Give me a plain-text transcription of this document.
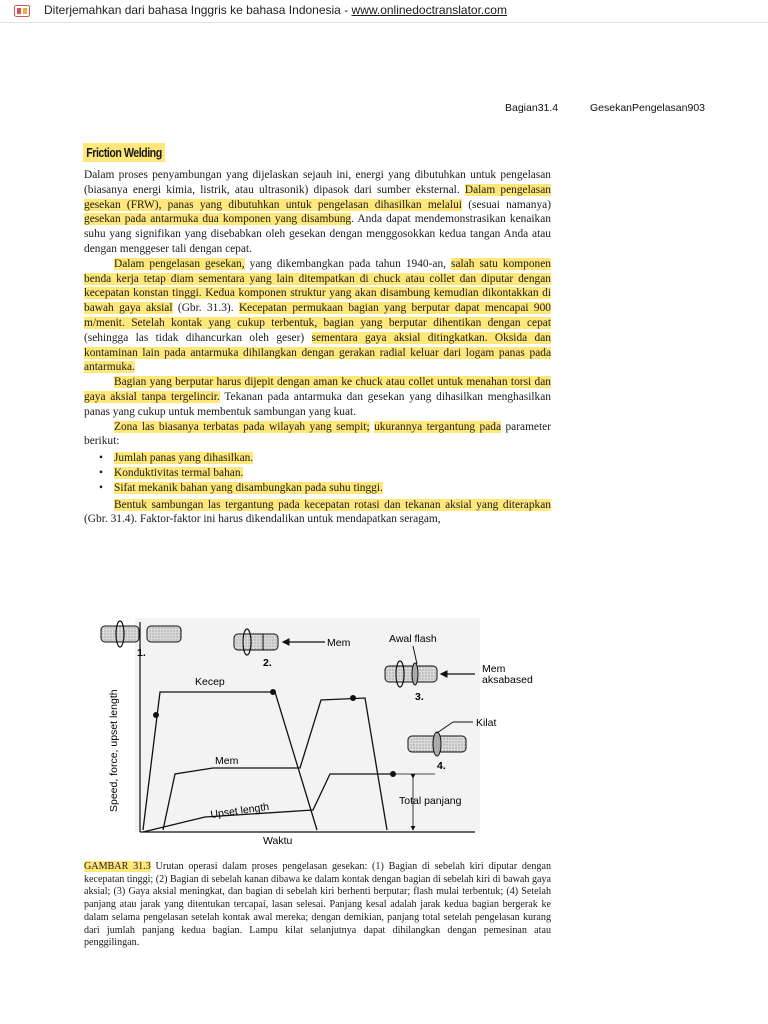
Diterjemahkan dari bahasa Inggris ke bahasa Indonesia - www.onlinedoctranslator.com
Bagian31.4	GesekanPengelasan903
Friction Welding

Dalam proses penyambungan yang dijelaskan sejauh ini, energi yang dibutuhkan untuk pengelasan (biasanya energi kimia, listrik, atau ultrasonik) dipasok dari sumber eksternal. Dalam pengelasan gesekan (FRW), panas yang dibutuhkan untuk pengelasan dihasilkan melalui (sesuai namanya) gesekan pada antarmuka dua komponen yang disambung. Anda dapat mendemonstrasikan kenaikan suhu yang signifikan yang disebabkan oleh gesekan dengan menggosokkan kedua tangan Anda atau dengan menggeser tali dengan cepat.

Dalam pengelasan gesekan, yang dikembangkan pada tahun 1940-an, salah satu komponen benda kerja tetap diam sementara yang lain ditempatkan di chuck atau collet dan diputar dengan kecepatan konstan tinggi. Kedua komponen struktur yang akan disambung kemudian dikontakkan di bawah gaya aksial (Gbr. 31.3). Kecepatan permukaan bagian yang berputar dapat mencapai 900 m/menit. Setelah kontak yang cukup terbentuk, bagian yang berputar dihentikan dengan cepat (sehingga las tidak dihancurkan oleh geser) sementara gaya aksial ditingkatkan. Oksida dan kontaminan lain pada antarmuka dihilangkan dengan gerakan radial keluar dari logam panas pada antarmuka.

Bagian yang berputar harus dijepit dengan aman ke chuck atau collet untuk menahan torsi dan gaya aksial tanpa tergelincir. Tekanan pada antarmuka dan gesekan yang dihasilkan menghasilkan panas yang cukup untuk membentuk sambungan yang kuat.

Zona las biasanya terbatas pada wilayah yang sempit; ukurannya tergantung pada parameter berikut:

• Jumlah panas yang dihasilkan.
• Konduktivitas termal bahan.
• Sifat mekanik bahan yang disambungkan pada suhu tinggi.

Bentuk sambungan las tergantung pada kecepatan rotasi dan tekanan aksial yang diterapkan (Gbr. 31.4). Faktor-faktor ini harus dikendalikan untuk mendapatkan seragam,

Speed, force, upset length
Waktu
Kecep
Mem
Upset length	Total panjang
1.
Mem
2.
Awal flash
Mem
aksabased
3.
Kilat
4.
GAMBAR 31.3 Urutan operasi dalam proses pengelasan gesekan: (1) Bagian di sebelah kiri diputar dengan kecepatan tinggi; (2) Bagian di sebelah kanan dibawa ke dalam kontak dengan bagian di sebelah kiri di bawah gaya aksial; (3) Gaya aksial meningkat, dan bagian di sebelah kiri berhenti berputar; flash mulai terbentuk; (4) Setelah panjang atau jarak yang ditentukan tercapai, lasan selesai. Panjang kesal adalah jarak kedua bagian bergerak ke dalam selama pengelasan setelah kontak awal mereka; dengan demikian, panjang total setelah pengelasan kurang dari jumlah panjang kedua bagian. Lampu kilat selanjutnya dapat dihilangkan dengan pemesinan atau penggilingan.
